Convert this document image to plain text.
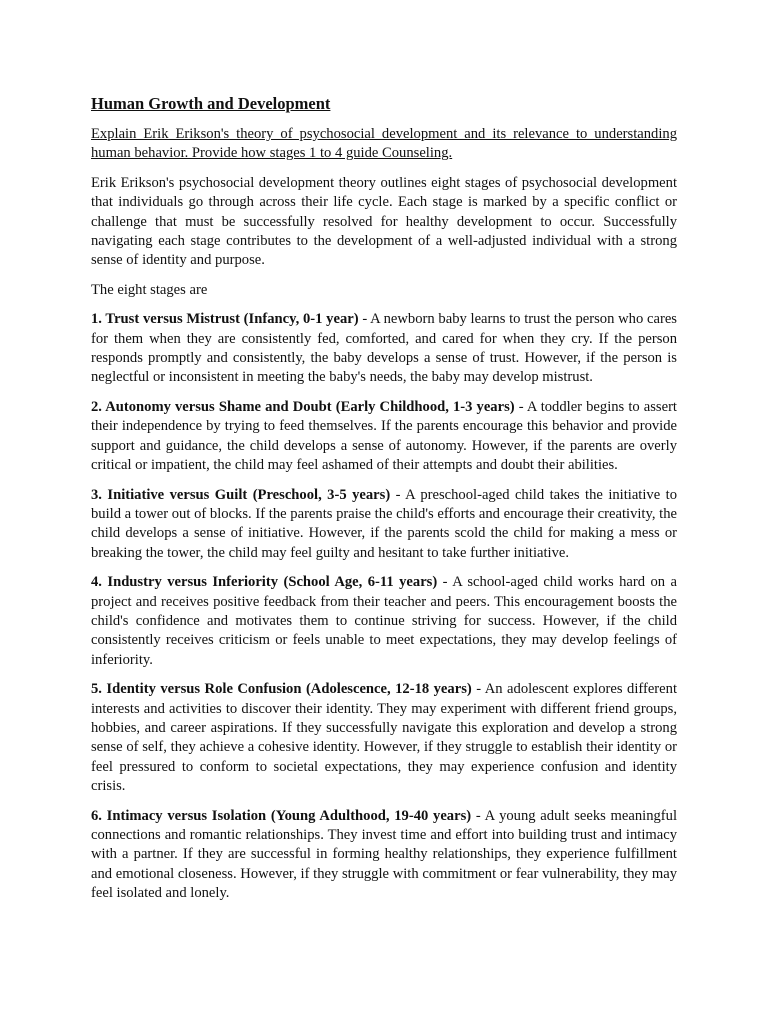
Human Growth and Development
Explain Erik Erikson's theory of psychosocial development and its relevance to understanding human behavior. Provide how stages 1 to 4 guide Counseling.

Erik Erikson's psychosocial development theory outlines eight stages of psychosocial development that individuals go through across their life cycle. Each stage is marked by a specific conflict or challenge that must be successfully resolved for healthy development to occur. Successfully navigating each stage contributes to the development of a well-adjusted individual with a strong sense of identity and purpose.

The eight stages are

1. Trust versus Mistrust (Infancy, 0-1 year) - A newborn baby learns to trust the person who cares for them when they are consistently fed, comforted, and cared for when they cry. If the person responds promptly and consistently, the baby develops a sense of trust. However, if the person is neglectful or inconsistent in meeting the baby's needs, the baby may develop mistrust.

2. Autonomy versus Shame and Doubt (Early Childhood, 1-3 years) - A toddler begins to assert their independence by trying to feed themselves. If the parents encourage this behavior and provide support and guidance, the child develops a sense of autonomy. However, if the parents are overly critical or impatient, the child may feel ashamed of their attempts and doubt their abilities.

3. Initiative versus Guilt (Preschool, 3-5 years) - A preschool-aged child takes the initiative to build a tower out of blocks. If the parents praise the child's efforts and encourage their creativity, the child develops a sense of initiative. However, if the parents scold the child for making a mess or breaking the tower, the child may feel guilty and hesitant to take further initiative.

4. Industry versus Inferiority (School Age, 6-11 years) - A school-aged child works hard on a project and receives positive feedback from their teacher and peers. This encouragement boosts the child's confidence and motivates them to continue striving for success. However, if the child consistently receives criticism or feels unable to meet expectations, they may develop feelings of inferiority.

5. Identity versus Role Confusion (Adolescence, 12-18 years) - An adolescent explores different interests and activities to discover their identity. They may experiment with different friend groups, hobbies, and career aspirations. If they successfully navigate this exploration and develop a strong sense of self, they achieve a cohesive identity. However, if they struggle to establish their identity or feel pressured to conform to societal expectations, they may experience confusion and identity crisis.

6. Intimacy versus Isolation (Young Adulthood, 19-40 years) - A young adult seeks meaningful connections and romantic relationships. They invest time and effort into building trust and intimacy with a partner. If they are successful in forming healthy relationships, they experience fulfillment and emotional closeness. However, if they struggle with commitment or fear vulnerability, they may feel isolated and lonely.
